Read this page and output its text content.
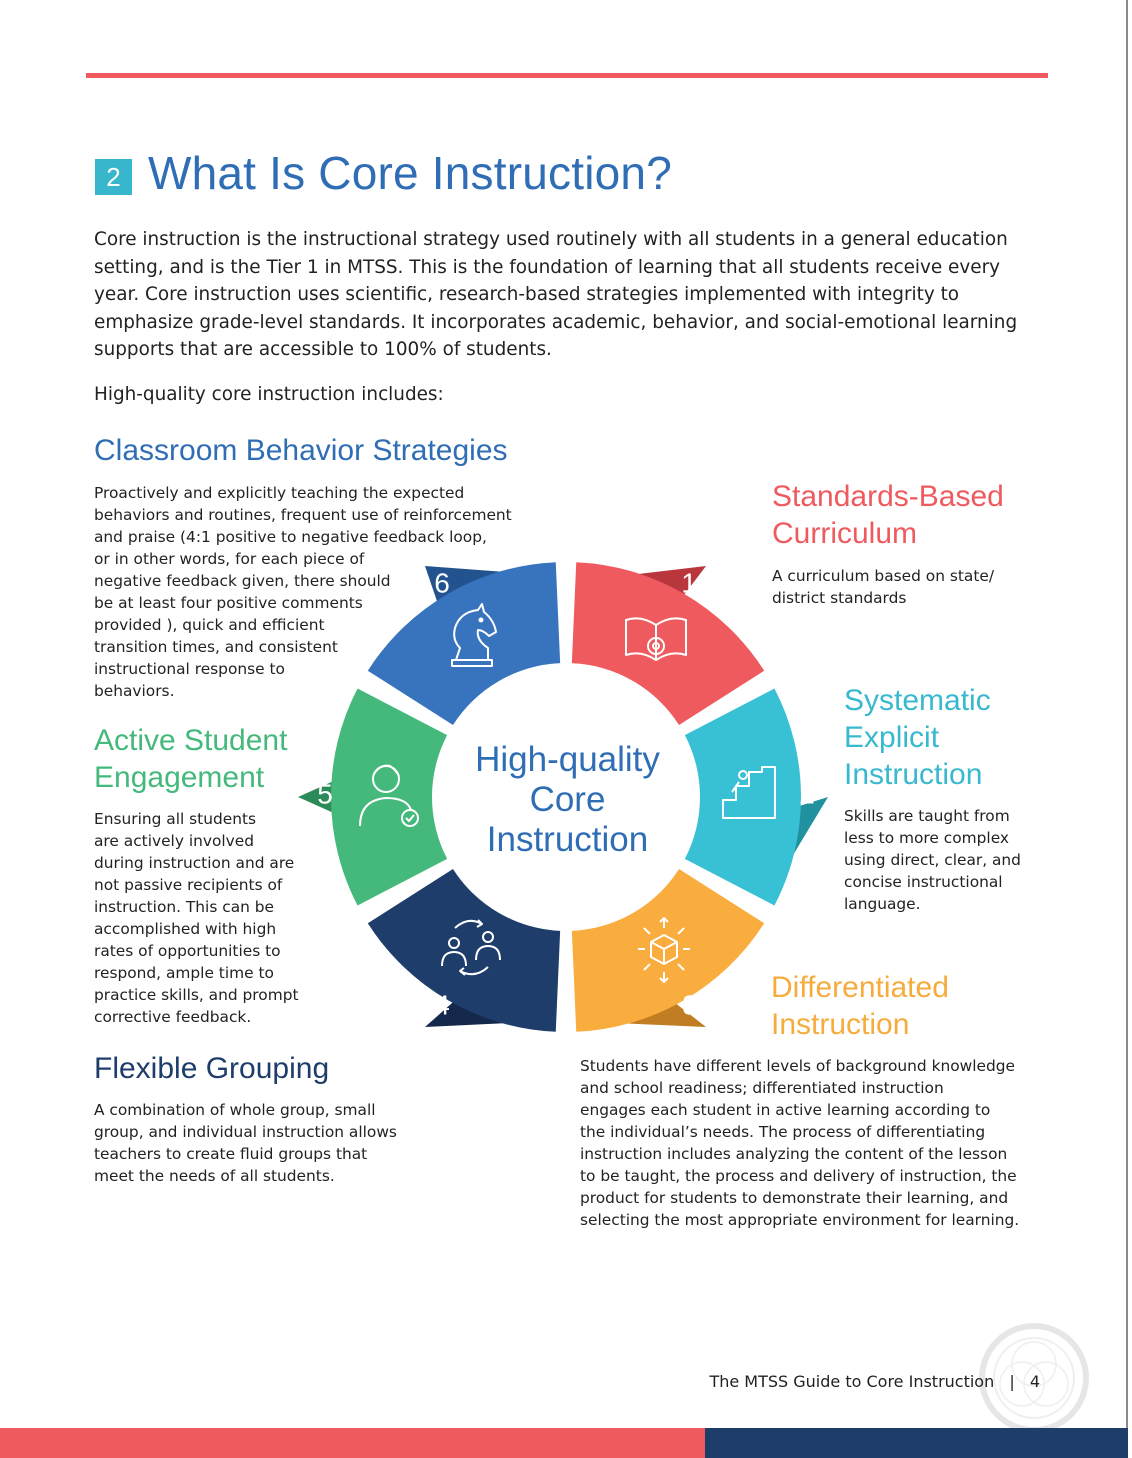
2 What Is Core Instruction?

Core instruction is the instructional strategy used routinely with all students in a general education setting, and is the Tier 1 in MTSS. This is the foundation of learning that all students receive every year. Core instruction uses scientific, research-based strategies implemented with integrity to emphasize grade-level standards. It incorporates academic, behavior, and social-emotional learning supports that are accessible to 100% of students.

High-quality core instruction includes:

Classroom Behavior Strategies

Proactively and explicitly teaching the expected
behaviors and routines, frequent use of reinforcement
and praise (4:1 positive to negative feedback loop,
or in other words, for each piece of
negative feedback given, there should
be at least four positive comments
provided ), quick and efficient
transition times, and consistent
instructional response to
behaviors.

Standards-Based
Curriculum

A curriculum based on state/
district standards

Systematic
Explicit
Instruction

Skills are taught from
less to more complex
using direct, clear, and
concise instructional
language.

Active Student
Engagement

Ensuring all students
are actively involved
during instruction and are
not passive recipients of
instruction. This can be
accomplished with high
rates of opportunities to
respond, ample time to
practice skills, and prompt
corrective feedback.

Differentiated
Instruction

Students have different levels of background knowledge
and school readiness; differentiated instruction
engages each student in active learning according to
the individual’s needs. The process of differentiating
instruction includes analyzing the content of the lesson
to be taught, the process and delivery of instruction, the
product for students to demonstrate their learning, and
selecting the most appropriate environment for learning.

Flexible Grouping

A combination of whole group, small
group, and individual instruction allows
teachers to create fluid groups that
meet the needs of all students.

1
2
3
4
5
6
High-quality
Core
Instruction
The MTSS Guide to Core Instruction | 4
